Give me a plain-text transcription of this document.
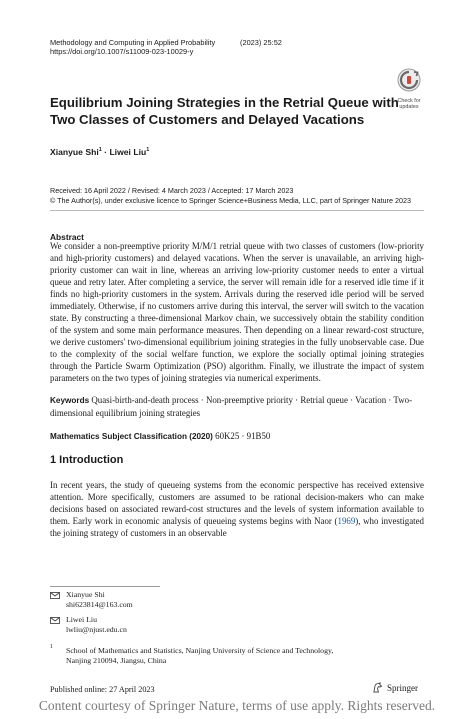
Methodology and Computing in Applied Probability	(2023) 25:52
https://doi.org/10.1007/s11009-023-10029-y
Check for
updates
Equilibrium Joining Strategies in the Retrial Queue with Two Classes of Customers and Delayed Vacations
Xianyue Shi$^1$ · Liwei Liu$^1$
Received: 16 April 2022 / Revised: 4 March 2023 / Accepted: 17 March 2023
© The Author(s), under exclusive licence to Springer Science+Business Media, LLC, part of Springer Nature 2023
Abstract
We consider a non-preemptive priority M/M/1 retrial queue with two classes of customers (low-priority and high-priority customers) and delayed vacations. When the server is unavailable, an arriving high-priority customer can wait in line, whereas an arriving low-priority customer needs to enter a virtual queue and retry later. After completing a service, the server will remain idle for a reserved idle time if it finds no high-priority customers in the system. Arrivals during the reserved idle period will be served immediately. Otherwise, if no customers arrive during this interval, the server will switch to the vacation state. By constructing a three-dimensional Markov chain, we successively obtain the stability condition of the system and some main performance measures. Then depending on a linear reward-cost structure, we derive customers' two-dimensional equilibrium joining strategies in the fully unobservable case. Due to the complexity of the social welfare function, we explore the socially optimal joining strategies through the Particle Swarm Optimization (PSO) algorithm. Finally, we illustrate the impact of system parameters on the two types of joining strategies via numerical experiments.
Keywords Quasi-birth-and-death process · Non-preemptive priority · Retrial queue · Vacation · Two-dimensional equilibrium joining strategies
Mathematics Subject Classification (2020) 60K25 · 91B50
1 Introduction
In recent years, the study of queueing systems from the economic perspective has received extensive attention. More specifically, customers are assumed to be rational decision-makers who can make decisions based on associated reward-cost structures and the levels of system information available to them. Early work in economic analysis of queueing systems begins with Naor (1969), who investigated the joining strategy of customers in an observable
Xianyue Shi
shi623814@163.com
Liwei Liu
lwliu@njust.edu.cn
1 School of Mathematics and Statistics, Nanjing University of Science and Technology,
Nanjing 210094, Jiangsu, China
Published online: 27 April 2023	Springer
Content courtesy of Springer Nature, terms of use apply. Rights reserved.
